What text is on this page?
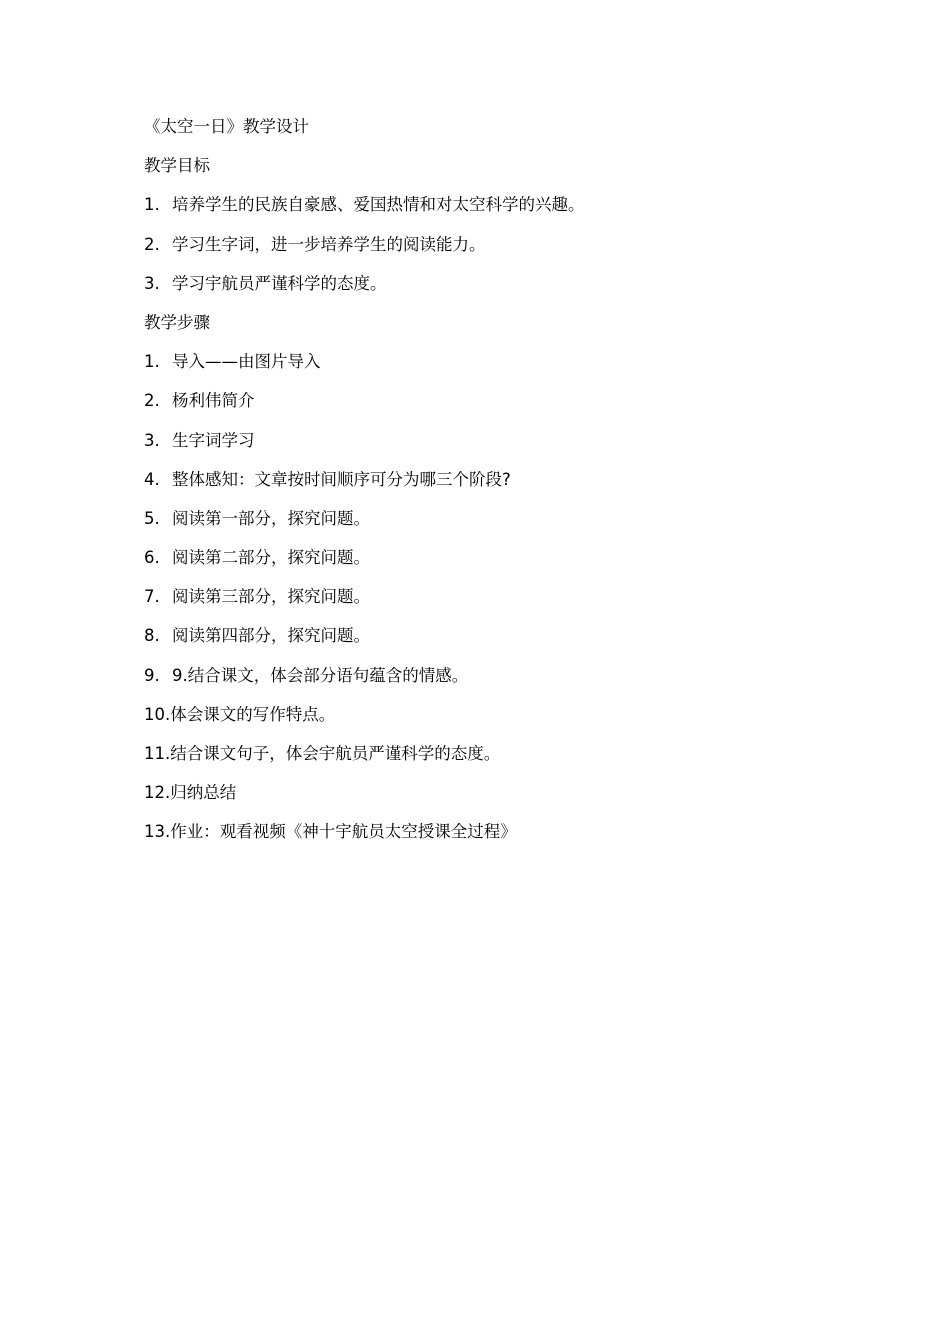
《太空一日》教学设计
教学目标
1. 培养学生的民族自豪感、爱国热情和对太空科学的兴趣。
2. 学习生字词，进一步培养学生的阅读能力。
3. 学习宇航员严谨科学的态度。
教学步骤
1. 导入——由图片导入
2. 杨利伟简介
3. 生字词学习
4. 整体感知：文章按时间顺序可分为哪三个阶段?
5. 阅读第一部分，探究问题。
6. 阅读第二部分，探究问题。
7. 阅读第三部分，探究问题。
8. 阅读第四部分，探究问题。
9. 9.结合课文，体会部分语句蕴含的情感。
10.体会课文的写作特点。
11.结合课文句子，体会宇航员严谨科学的态度。
12.归纳总结
13.作业：观看视频《神十宇航员太空授课全过程》
